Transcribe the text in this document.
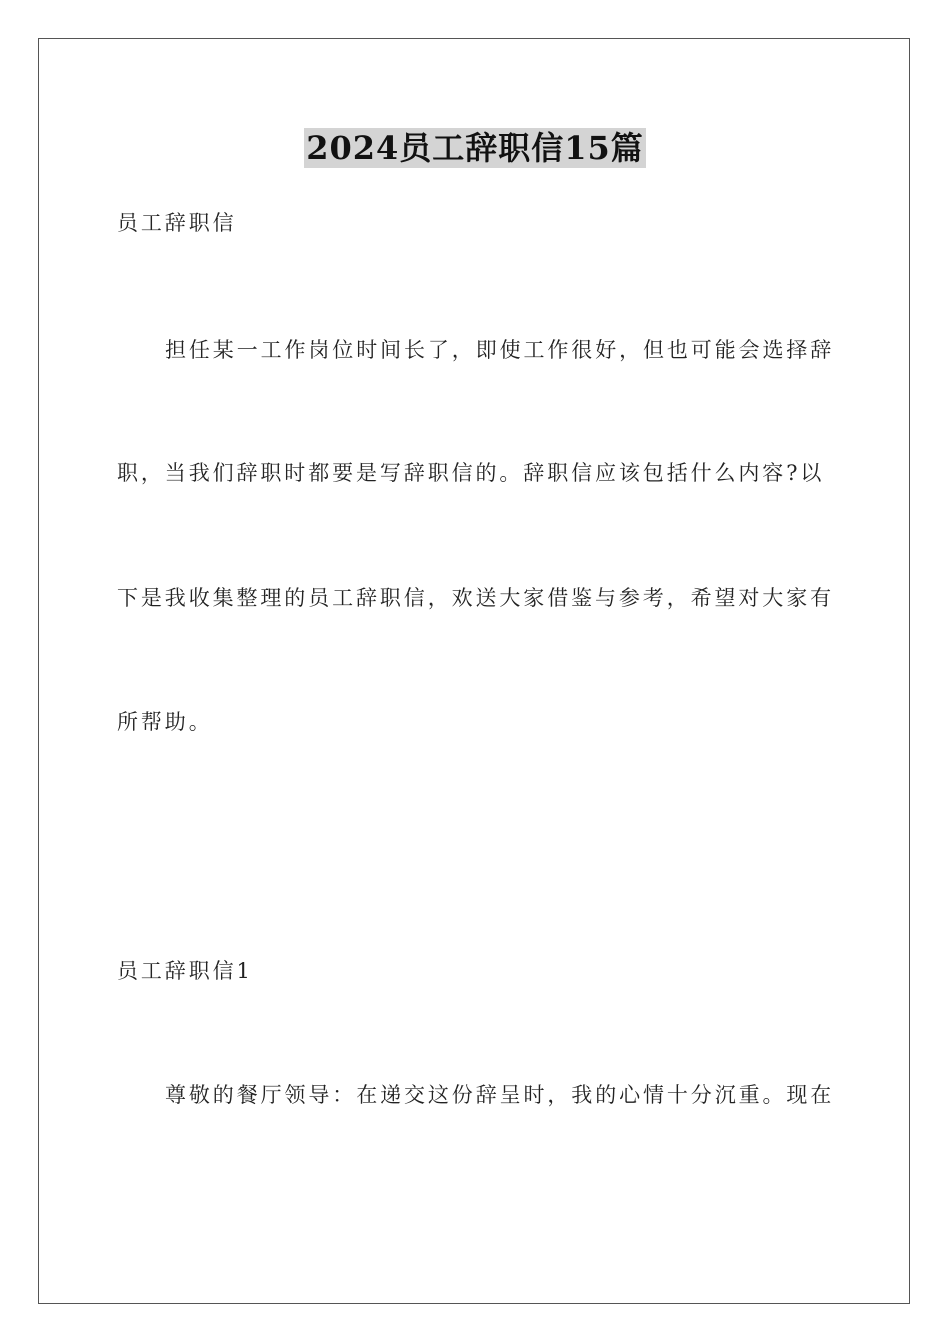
2024员工辞职信15篇
员工辞职信
担任某一工作岗位时间长了，即使工作很好，但也可能会选择辞
职，当我们辞职时都要是写辞职信的。辞职信应该包括什么内容?以
下是我收集整理的员工辞职信，欢送大家借鉴与参考，希望对大家有
所帮助。
员工辞职信1
尊敬的餐厅领导：在递交这份辞呈时，我的心情十分沉重。现在
